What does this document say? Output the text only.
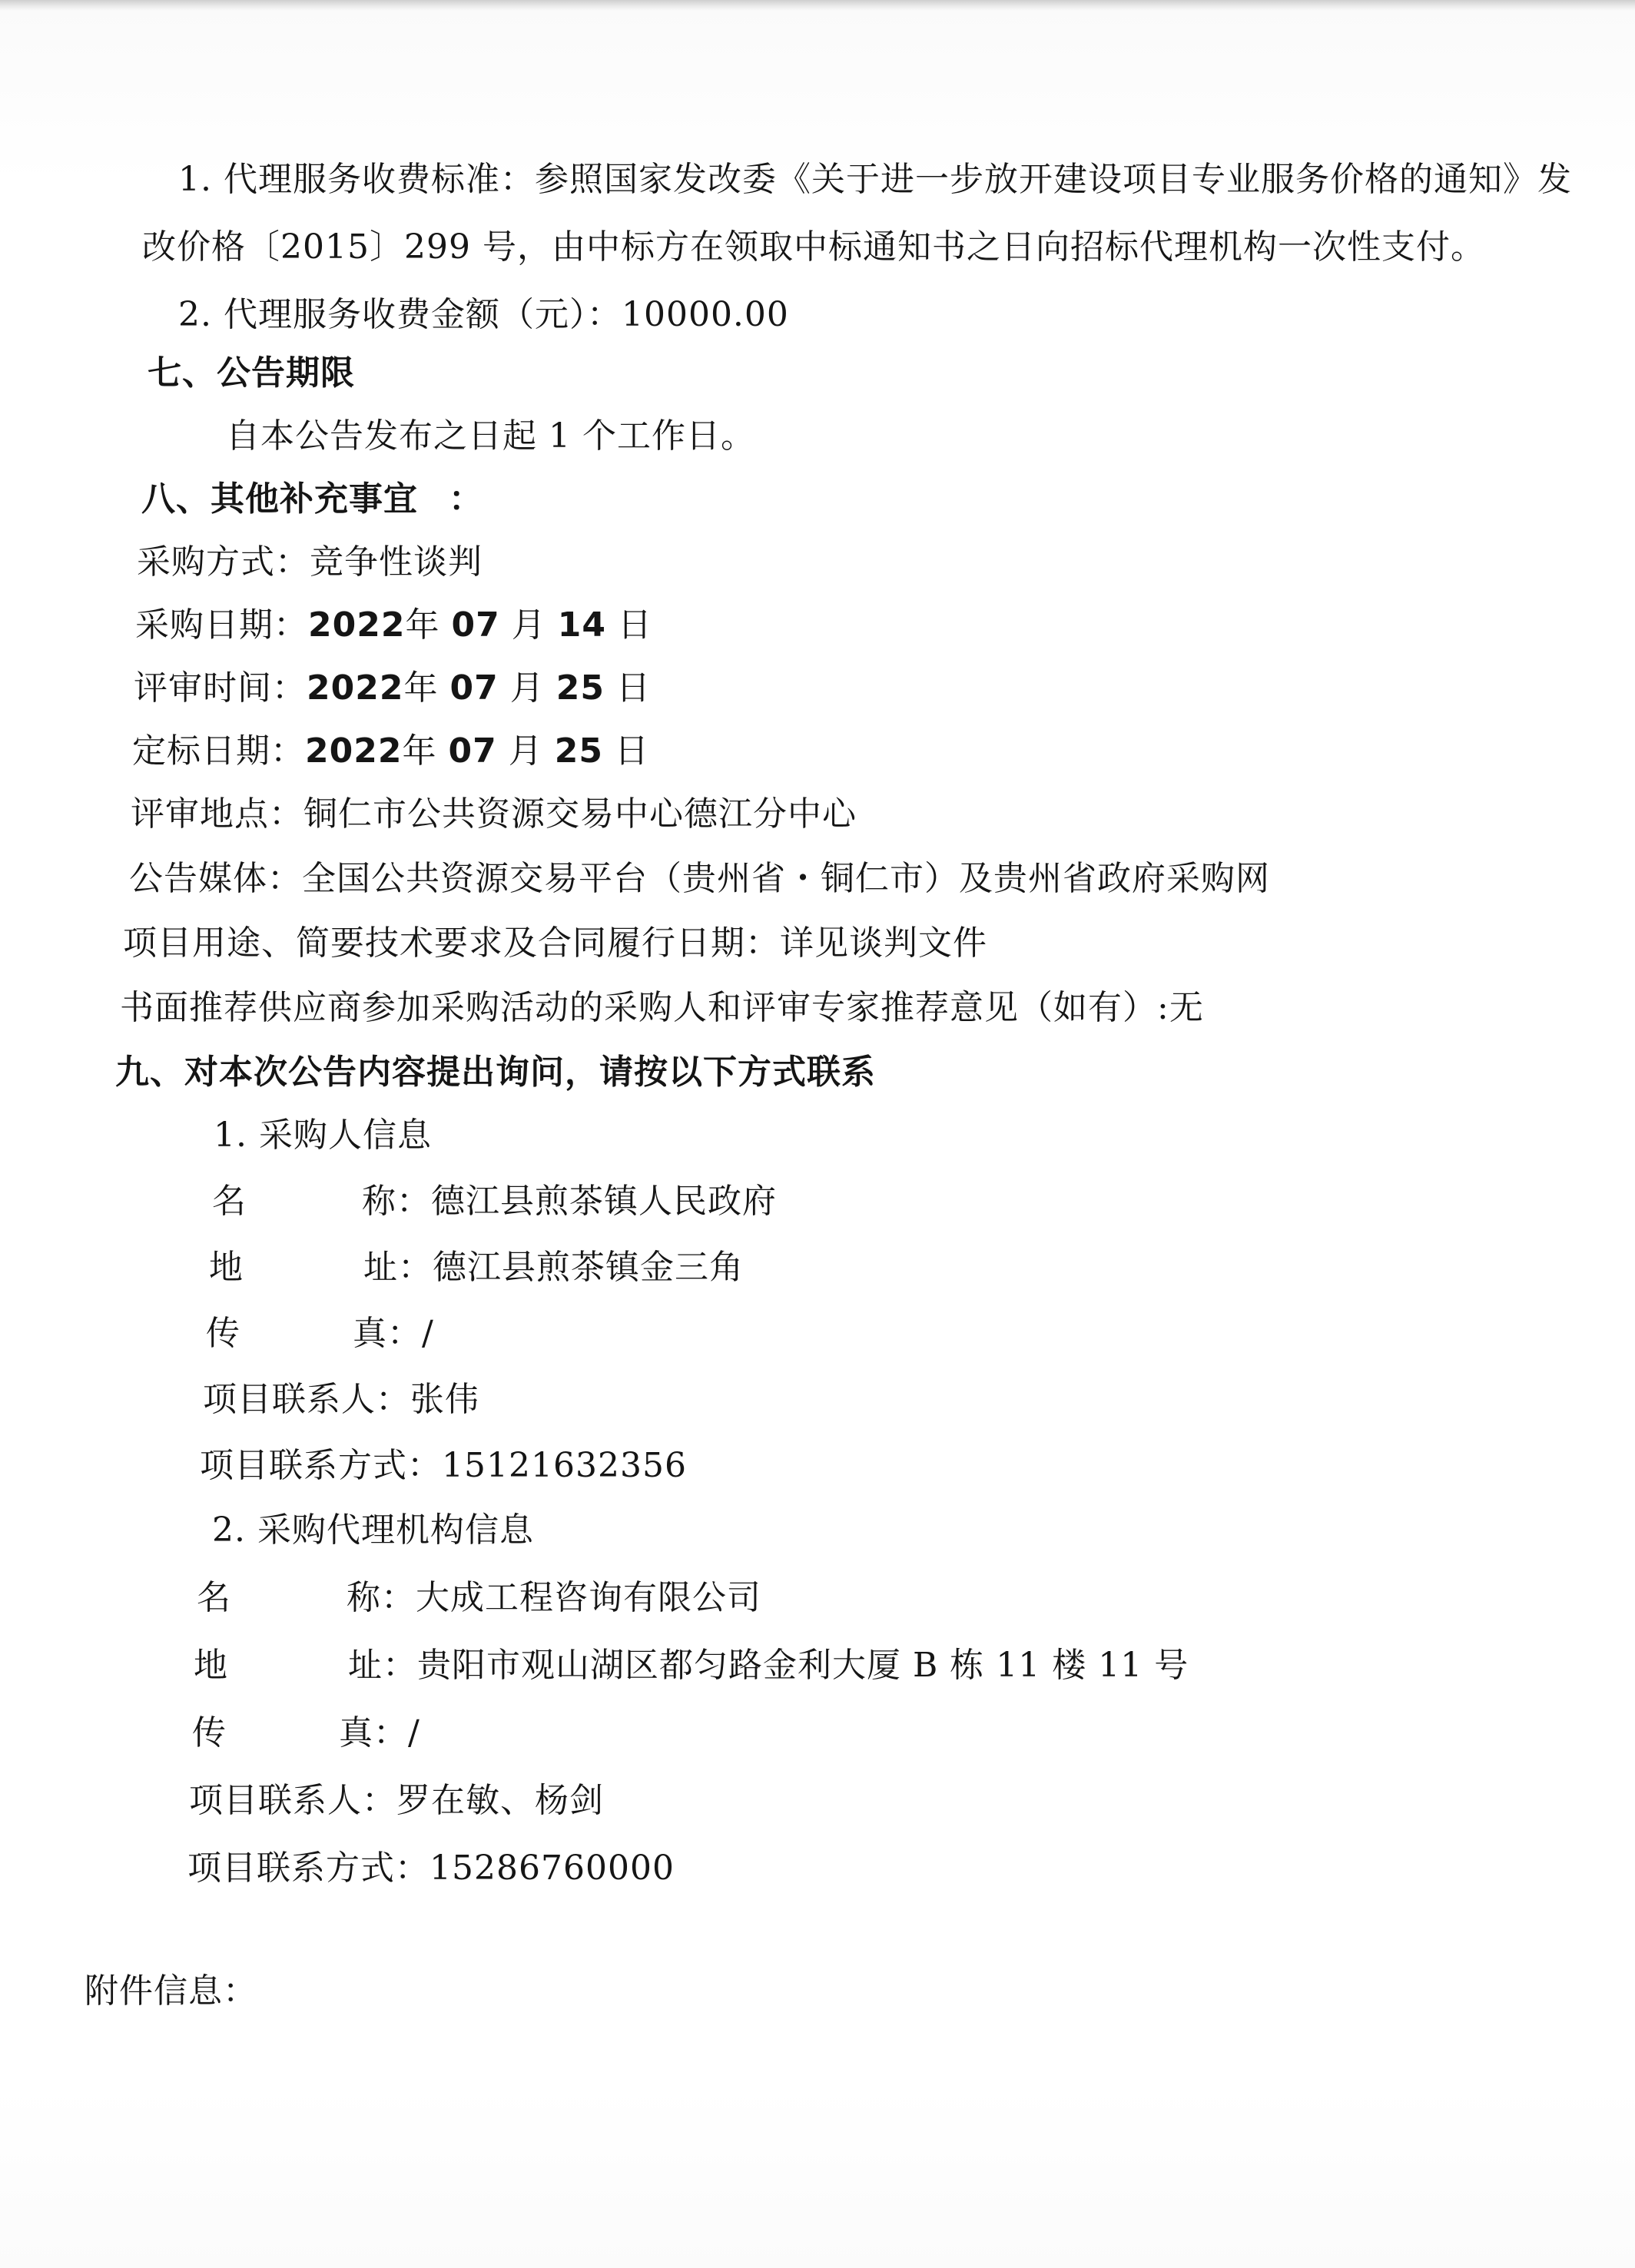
1. 代理服务收费标准：参照国家发改委《关于进一步放开建设项目专业服务价格的通知》发
改价格〔2015〕299 号，由中标方在领取中标通知书之日向招标代理机构一次性支付。
2. 代理服务收费金额（元）：10000.00
七、公告期限
自本公告发布之日起 1 个工作日。
八、其他补充事宜 ：
采购方式：竞争性谈判
采购日期：2022年 07 月 14 日
评审时间：2022年 07 月 25 日
定标日期：2022年 07 月 25 日
评审地点：铜仁市公共资源交易中心德江分中心
公告媒体：全国公共资源交易平台（贵州省・铜仁市）及贵州省政府采购网
项目用途、简要技术要求及合同履行日期：详见谈判文件
书面推荐供应商参加采购活动的采购人和评审专家推荐意见（如有）:无
九、对本次公告内容提出询问，请按以下方式联系
1. 采购人信息
名	称：德江县煎茶镇人民政府
地	址：德江县煎茶镇金三角
传	真：/
项目联系人：张伟
项目联系方式：15121632356
2. 采购代理机构信息
名	称：大成工程咨询有限公司
地	址：贵阳市观山湖区都匀路金利大厦 B 栋 11 楼 11 号
传	真：/
项目联系人：罗在敏、杨剑
项目联系方式：15286760000
附件信息：
